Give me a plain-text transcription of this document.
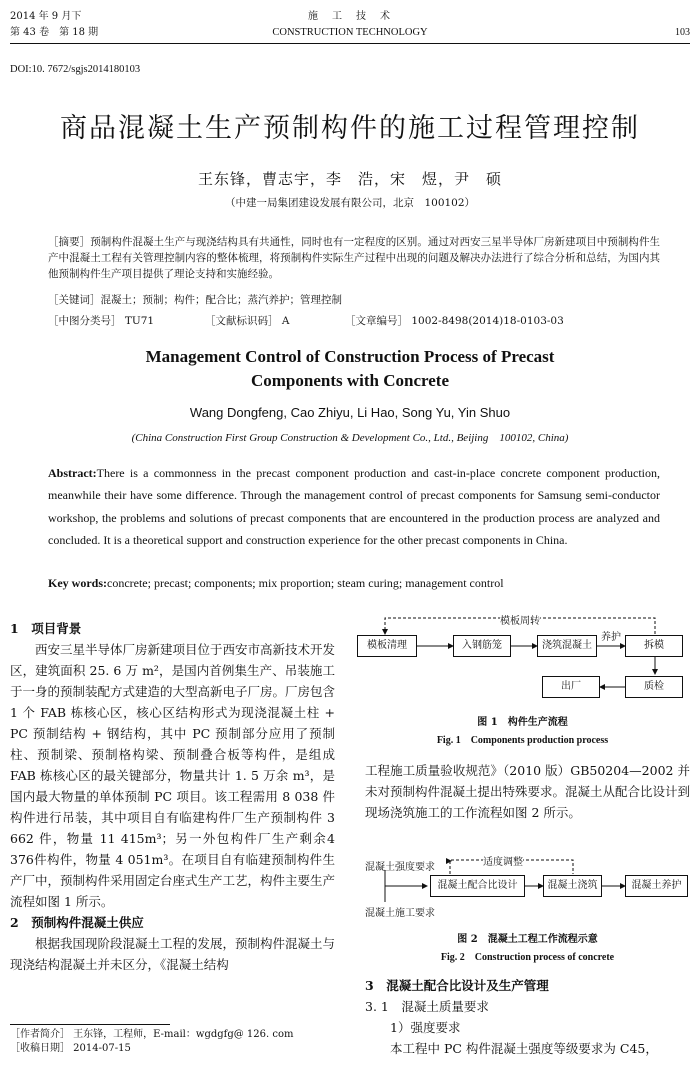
2014 年 9 月下
第 43 卷　第 18 期
施　工　技　术
CONSTRUCTION TECHNOLOGY	103
DOI:10. 7672/sgjs2014180103
商品混凝土生产预制构件的施工过程管理控制
王东锋，曹志宇，李　浩，宋　煜，尹　硕
（中建一局集团建设发展有限公司，北京　100102）
［摘要］预制构件混凝土生产与现浇结构具有共通性，同时也有一定程度的区别。通过对西安三星半导体厂房新建项目中预制构件生产中混凝土工程有关管理控制内容的整体梳理，将预制构件实际生产过程中出现的问题及解决办法进行了综合分析和总结，为国内其他预制构件生产项目提供了理论支持和实施经验。
［关键词］混凝土；预制；构件；配合比；蒸汽养护；管理控制
［中图分类号］ TU71	［文献标识码］ A	［文章编号］ 1002-8498(2014)18-0103-03
Management Control of Construction Process of Precast Components with Concrete
Wang Dongfeng, Cao Zhiyu, Li Hao, Song Yu, Yin Shuo
(China Construction First Group Construction & Development Co., Ltd., Beijing　100102, China)
Abstract:There is a commonness in the precast component production and cast-in-place concrete component production, meanwhile their have some difference. Through the management control of precast components for Samsung semi-conductor workshop, the problems and solutions of precast components that are encountered in the production process are analyzed and concluded. It is a theoretical support and construction experience for the other precast components in China.
Key words:concrete; precast; components; mix proportion; steam curing; management control
1　项目背景

西安三星半导体厂房新建项目位于西安市高新技术开发区，建筑面积 25. 6 万 m²，是国内首例集生产、吊装施工于一身的预制装配方式建造的大型高新电子厂房。厂房包含 1 个 FAB 栋核心区，核心区结构形式为现浇混凝土柱 + PC 预制结构 + 钢结构，其中 PC 预制部分应用了预制柱、预制梁、预制格构梁、预制叠合板等构件，是组成 FAB 栋核心区的最关键部分，物量共计 1. 5 万余 m³，是国内最大物量的单体预制 PC 项目。该工程需用 8 038 件构件进行吊装，其中项目自有临建构件厂生产预制构件 3 662 件，物量 11 415m³；另一外包构件厂生产剩余4 376件构件，物量 4 051m³。在项目自有临建预制构件生产厂中，预制构件采用固定台座式生产工艺，构件主要生产流程如图 1 所示。

2　预制构件混凝土供应

根据我国现阶段混凝土工程的发展，预制构件混凝土与现浇结构混凝土并未区分，《混凝土结构

［作者简介］ 王东锋，工程师，E-mail：wgdgfg@ 126. com
［收稿日期］ 2014-07-15
模板周转
模板清理	入钢筋笼	浇筑混凝土
养护
拆模
质检
出厂
图 1　构件生产流程
Fig. 1　Components production process
工程施工质量验收规范》（2010 版）GB50204—2002 并未对预制构件混凝土提出特殊要求。混凝土从配合比设计到现场浇筑施工的工作流程如图 2 所示。
适度调整
混凝土强度要求
混凝土施工要求
混凝土配合比设计	混凝土浇筑	混凝土养护
图 2　混凝土工程工作流程示意
Fig. 2　Construction process of concrete
3　混凝土配合比设计及生产管理
3. 1　混凝土质量要求
1）强度要求
本工程中 PC 构件混凝土强度等级要求为 C45，
